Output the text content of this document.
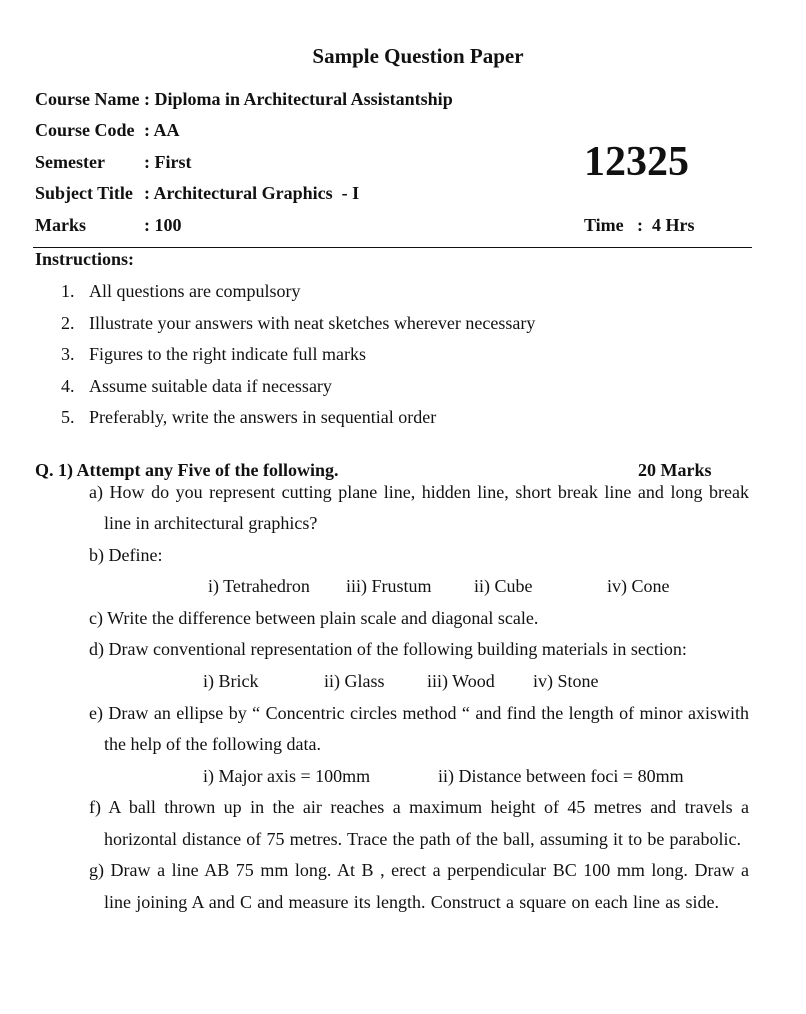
Sample Question Paper
Course Name : Diploma in Architectural Assistantship
Course Code : AA
Semester : First
Subject Title : Architectural Graphics  - I
Marks	: 100
12325
Time :  4 Hrs
Instructions:
1. All questions are compulsory
2. Illustrate your answers with neat sketches wherever necessary
3. Figures to the right indicate full marks
4. Assume suitable data if necessary
5. Preferably, write the answers in sequential order
Q. 1) Attempt any Five of the following.	20 Marks
a) How do you represent cutting plane line, hidden line, short break line and long break
line in architectural graphics?
b) Define:
i) Tetrahedron iii) Frustum ii) Cube	iv) Cone
c) Write the difference between plain scale and diagonal scale.
d) Draw conventional representation of the following building materials in section:
i) Brick	ii) Glass iii) Wood iv) Stone
e) Draw an ellipse by “ Concentric circles method “ and find the length of minor axiswith
the help of the following data.
i) Major axis = 100mm	ii) Distance between foci = 80mm
f) A ball thrown up in the air reaches a maximum height of 45 metres and travels a
horizontal distance of 75 metres. Trace the path of the ball, assuming it to be parabolic.
g) Draw a line AB 75 mm long. At B , erect a perpendicular BC 100 mm long. Draw a
line joining A and C and measure its length. Construct a square on each line as side.
